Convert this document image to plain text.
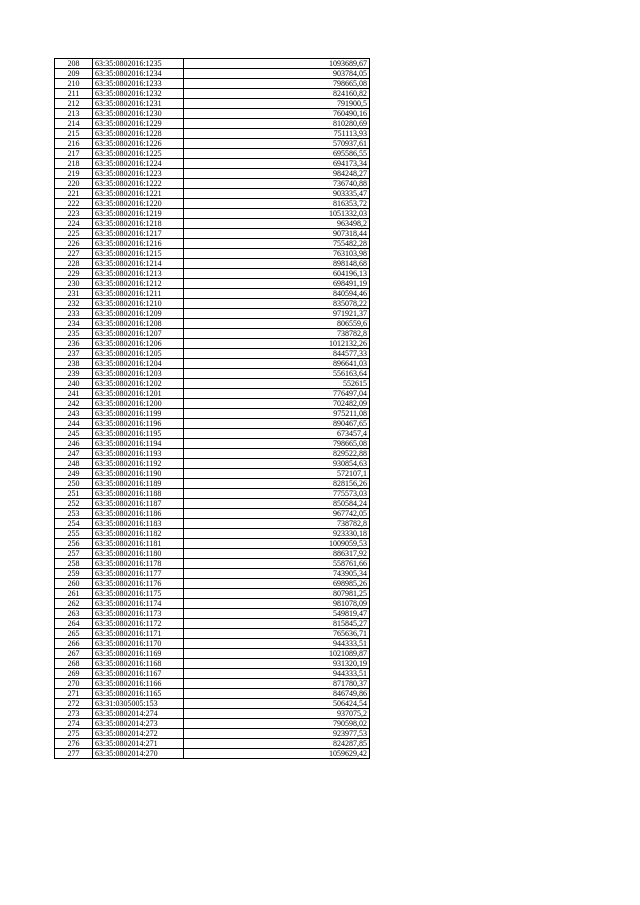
208	63:35:0802016:1235	1093689,67
209	63:35:0802016:1234	903784,05
210	63:35:0802016:1233	798665,08
211	63:35:0802016:1232	824160,82
212	63:35:0802016:1231	791900,5
213	63:35:0802016:1230	760490,16
214	63:35:0802016:1229	810280,69
215	63:35:0802016:1228	751113,93
216	63:35:0802016:1226	570937,61
217	63:35:0802016:1225	695586,55
218	63:35:0802016:1224	694173,34
219	63:35:0802016:1223	984248,27
220	63:35:0802016:1222	736740,88
221	63:35:0802016:1221	903335,47
222	63:35:0802016:1220	816353,72
223	63:35:0802016:1219	1051332,03
224	63:35:0802016:1218	963498,2
225	63:35:0802016:1217	907318,44
226	63:35:0802016:1216	755482,28
227	63:35:0802016:1215	763103,98
228	63:35:0802016:1214	898148,68
229	63:35:0802016:1213	604196,13
230	63:35:0802016:1212	698491,19
231	63:35:0802016:1211	840594,46
232	63:35:0802016:1210	835078,22
233	63:35:0802016:1209	971921,37
234	63:35:0802016:1208	806559,6
235	63:35:0802016:1207	738782,8
236	63:35:0802016:1206	1012132,26
237	63:35:0802016:1205	844577,33
238	63:35:0802016:1204	896641,03
239	63:35:0802016:1203	556163,64
240	63:35:0802016:1202	552615
241	63:35:0802016:1201	776497,04
242	63:35:0802016:1200	702482,09
243	63:35:0802016:1199	975211,08
244	63:35:0802016:1196	890467,65
245	63:35:0802016:1195	673457,4
246	63:35:0802016:1194	798665,08
247	63:35:0802016:1193	829522,88
248	63:35:0802016:1192	930854,63
249	63:35:0802016:1190	572107,1
250	63:35:0802016:1189	828156,26
251	63:35:0802016:1188	775573,03
252	63:35:0802016:1187	850584,24
253	63:35:0802016:1186	967742,05
254	63:35:0802016:1183	738782,8
255	63:35:0802016:1182	923330,18
256	63:35:0802016:1181	1009059,53
257	63:35:0802016:1180	886317,92
258	63:35:0802016:1178	558761,66
259	63:35:0802016:1177	743905,34
260	63:35:0802016:1176	698985,26
261	63:35:0802016:1175	807981,25
262	63:35:0802016:1174	981078,09
263	63:35:0802016:1173	549819,47
264	63:35:0802016:1172	815845,27
265	63:35:0802016:1171	765636,71
266	63:35:0802016:1170	944333,51
267	63:35:0802016:1169	1021089,87
268	63:35:0802016:1168	931320,19
269	63:35:0802016:1167	944333,51
270	63:35:0802016:1166	871780,37
271	63:35:0802016:1165	846749,86
272	63:31:0305005:153	506424,54
273	63:35:0802014:274	937075,2
274	63:35:0802014:273	790598,02
275	63:35:0802014:272	923977,53
276	63:35:0802014:271	824287,85
277	63:35:0802014:270	1059629,42
